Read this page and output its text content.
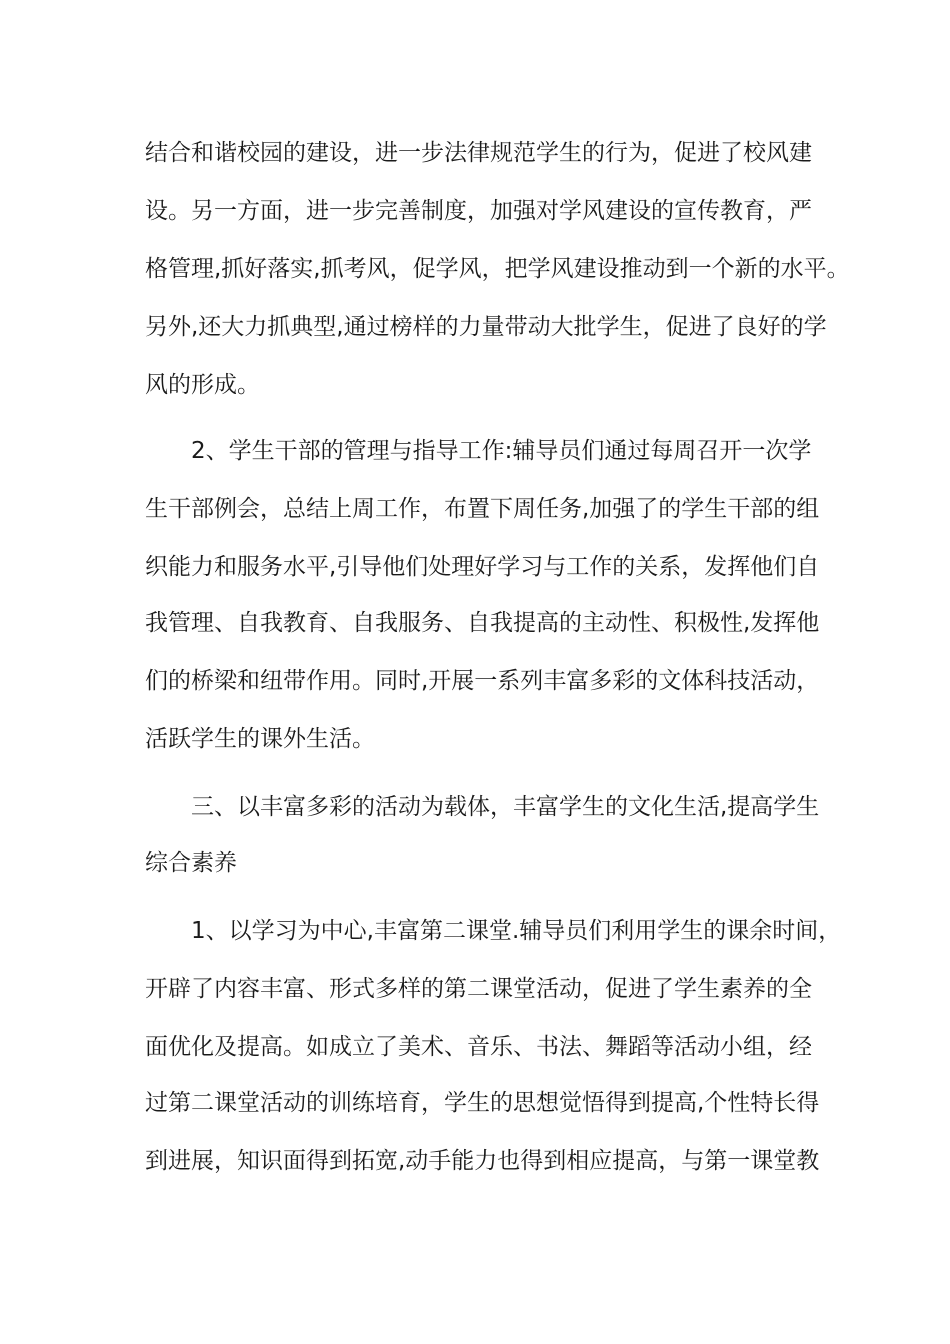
结合和谐校园的建设，进一步法律规范学生的行为，促进了校风建
设。另一方面，进一步完善制度，加强对学风建设的宣传教育，严
格管理,抓好落实,抓考风，促学风，把学风建设推动到一个新的水平。
另外,还大力抓典型,通过榜样的力量带动大批学生，促进了良好的学
风的形成。
2、学生干部的管理与指导工作:辅导员们通过每周召开一次学
生干部例会，总结上周工作，布置下周任务,加强了的学生干部的组
织能力和服务水平,引导他们处理好学习与工作的关系，发挥他们自
我管理、自我教育、自我服务、自我提高的主动性、积极性,发挥他
们的桥梁和纽带作用。同时,开展一系列丰富多彩的文体科技活动，
活跃学生的课外生活。
三、以丰富多彩的活动为载体，丰富学生的文化生活,提高学生
综合素养
1、以学习为中心,丰富第二课堂.辅导员们利用学生的课余时间，
开辟了内容丰富、形式多样的第二课堂活动，促进了学生素养的全
面优化及提高。如成立了美术、音乐、书法、舞蹈等活动小组，经
过第二课堂活动的训练培育，学生的思想觉悟得到提高,个性特长得
到进展，知识面得到拓宽,动手能力也得到相应提高，与第一课堂教
